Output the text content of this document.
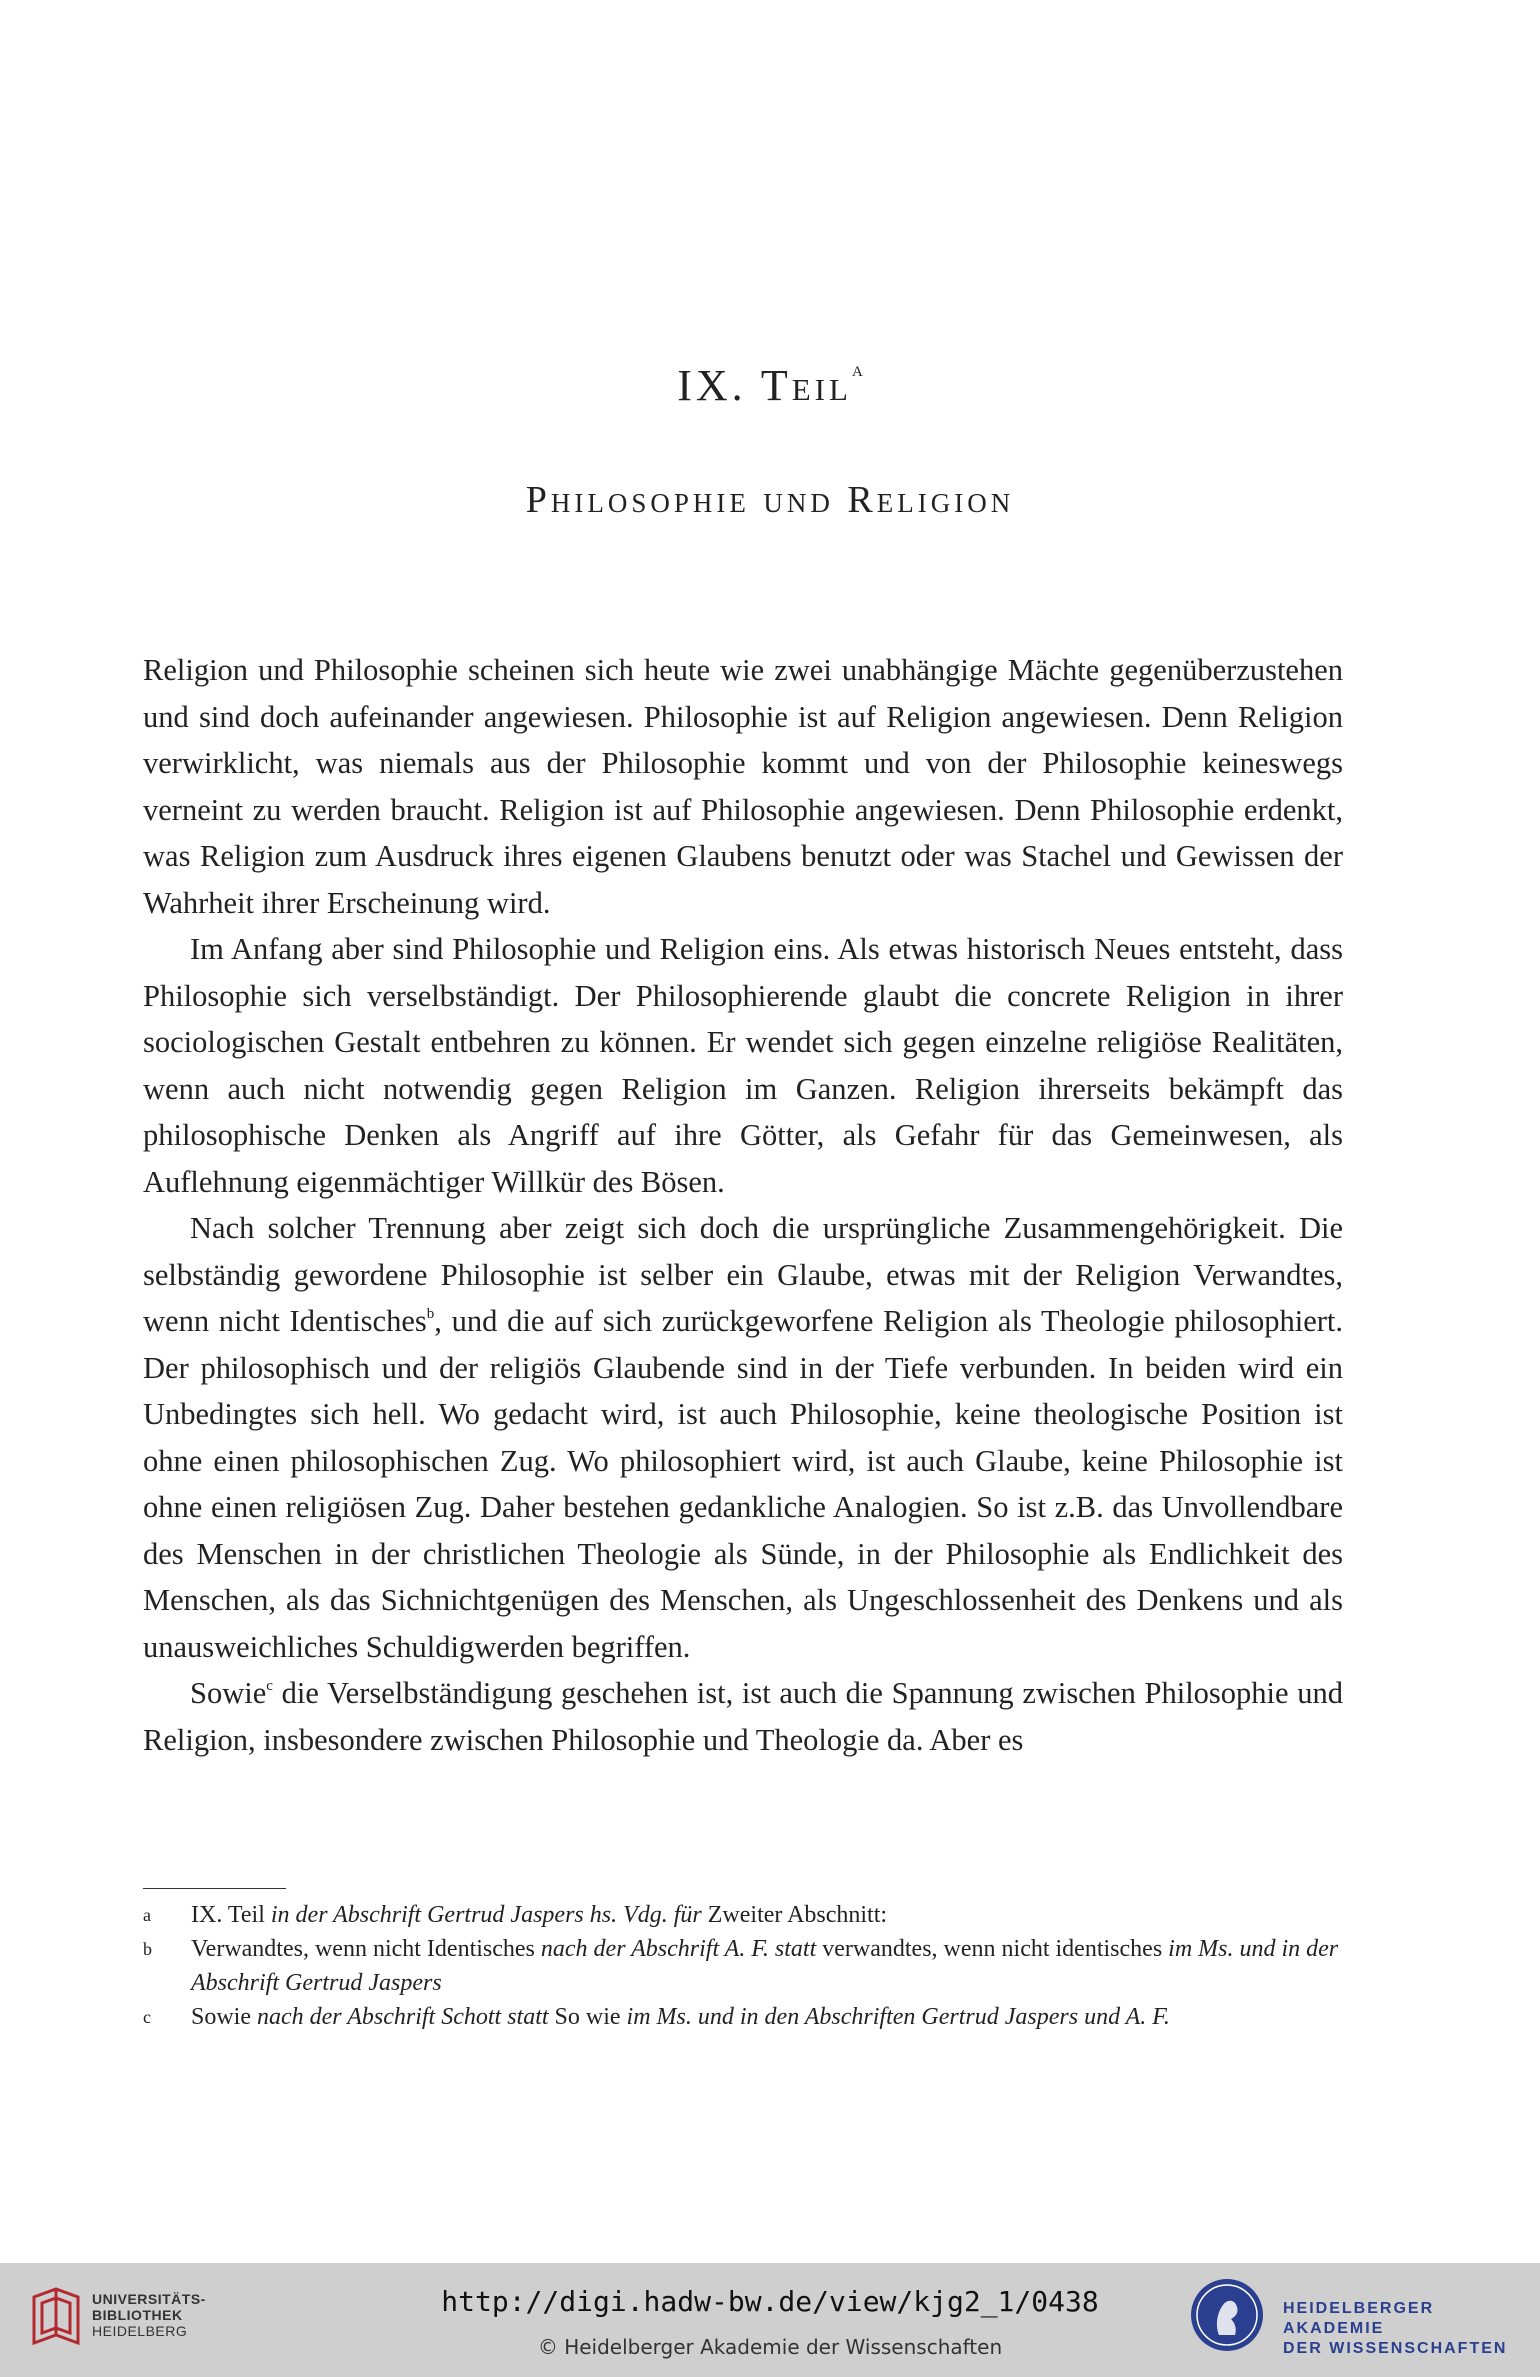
IX. Teil$^a$
Philosophie und Religion

Religion und Philosophie scheinen sich heute wie zwei unabhängige Mächte gegenüberzustehen und sind doch aufeinander angewiesen. Philosophie ist auf Religion angewiesen. Denn Religion verwirklicht, was niemals aus der Philosophie kommt und von der Philosophie keineswegs verneint zu werden braucht. Religion ist auf Philosophie angewiesen. Denn Philosophie erdenkt, was Religion zum Ausdruck ihres eigenen Glaubens benutzt oder was Stachel und Gewissen der Wahrheit ihrer Erscheinung wird.

Im Anfang aber sind Philosophie und Religion eins. Als etwas historisch Neues entsteht, dass Philosophie sich verselbständigt. Der Philosophierende glaubt die concrete Religion in ihrer sociologischen Gestalt entbehren zu können. Er wendet sich gegen einzelne religiöse Realitäten, wenn auch nicht notwendig gegen Religion im Ganzen. Religion ihrerseits bekämpft das philosophische Denken als Angriff auf ihre Götter, als Gefahr für das Gemeinwesen, als Auflehnung eigenmächtiger Willkür des Bösen.

Nach solcher Trennung aber zeigt sich doch die ursprüngliche Zusammengehörigkeit. Die selbständig gewordene Philosophie ist selber ein Glaube, etwas mit der Religion Verwandtes, wenn nicht Identisches$^b$, und die auf sich zurückgeworfene Religion als Theologie philosophiert. Der philosophisch und der religiös Glaubende sind in der Tiefe verbunden. In beiden wird ein Unbedingtes sich hell. Wo gedacht wird, ist auch Philosophie, keine theologische Position ist ohne einen philosophischen Zug. Wo philosophiert wird, ist auch Glaube, keine Philosophie ist ohne einen religiösen Zug. Daher bestehen gedankliche Analogien. So ist z.B. das Unvollendbare des Menschen in der christlichen Theologie als Sünde, in der Philosophie als Endlichkeit des Menschen, als das Sichnichtgenügen des Menschen, als Ungeschlossenheit des Denkens und als unausweichliches Schuldigwerden begriffen.

Sowie$^c$ die Verselbständigung geschehen ist, ist auch die Spannung zwischen Philosophie und Religion, insbesondere zwischen Philosophie und Theologie da. Aber es

a IX. Teil in der Abschrift Gertrud Jaspers hs. Vdg. für Zweiter Abschnitt:
b Verwandtes, wenn nicht Identisches nach der Abschrift A. F. statt verwandtes, wenn nicht identisches im Ms. und in der Abschrift Gertrud Jaspers
c Sowie nach der Abschrift Schott statt So wie im Ms. und in den Abschriften Gertrud Jaspers und A. F.
UNIVERSITÄTS-
BIBLIOTHEK
HEIDELBERG
http://digi.hadw-bw.de/view/kjg2_1/0438
© Heidelberger Akademie der Wissenschaften
HEIDELBERGER AKADEMIE
DER WISSENSCHAFTEN
